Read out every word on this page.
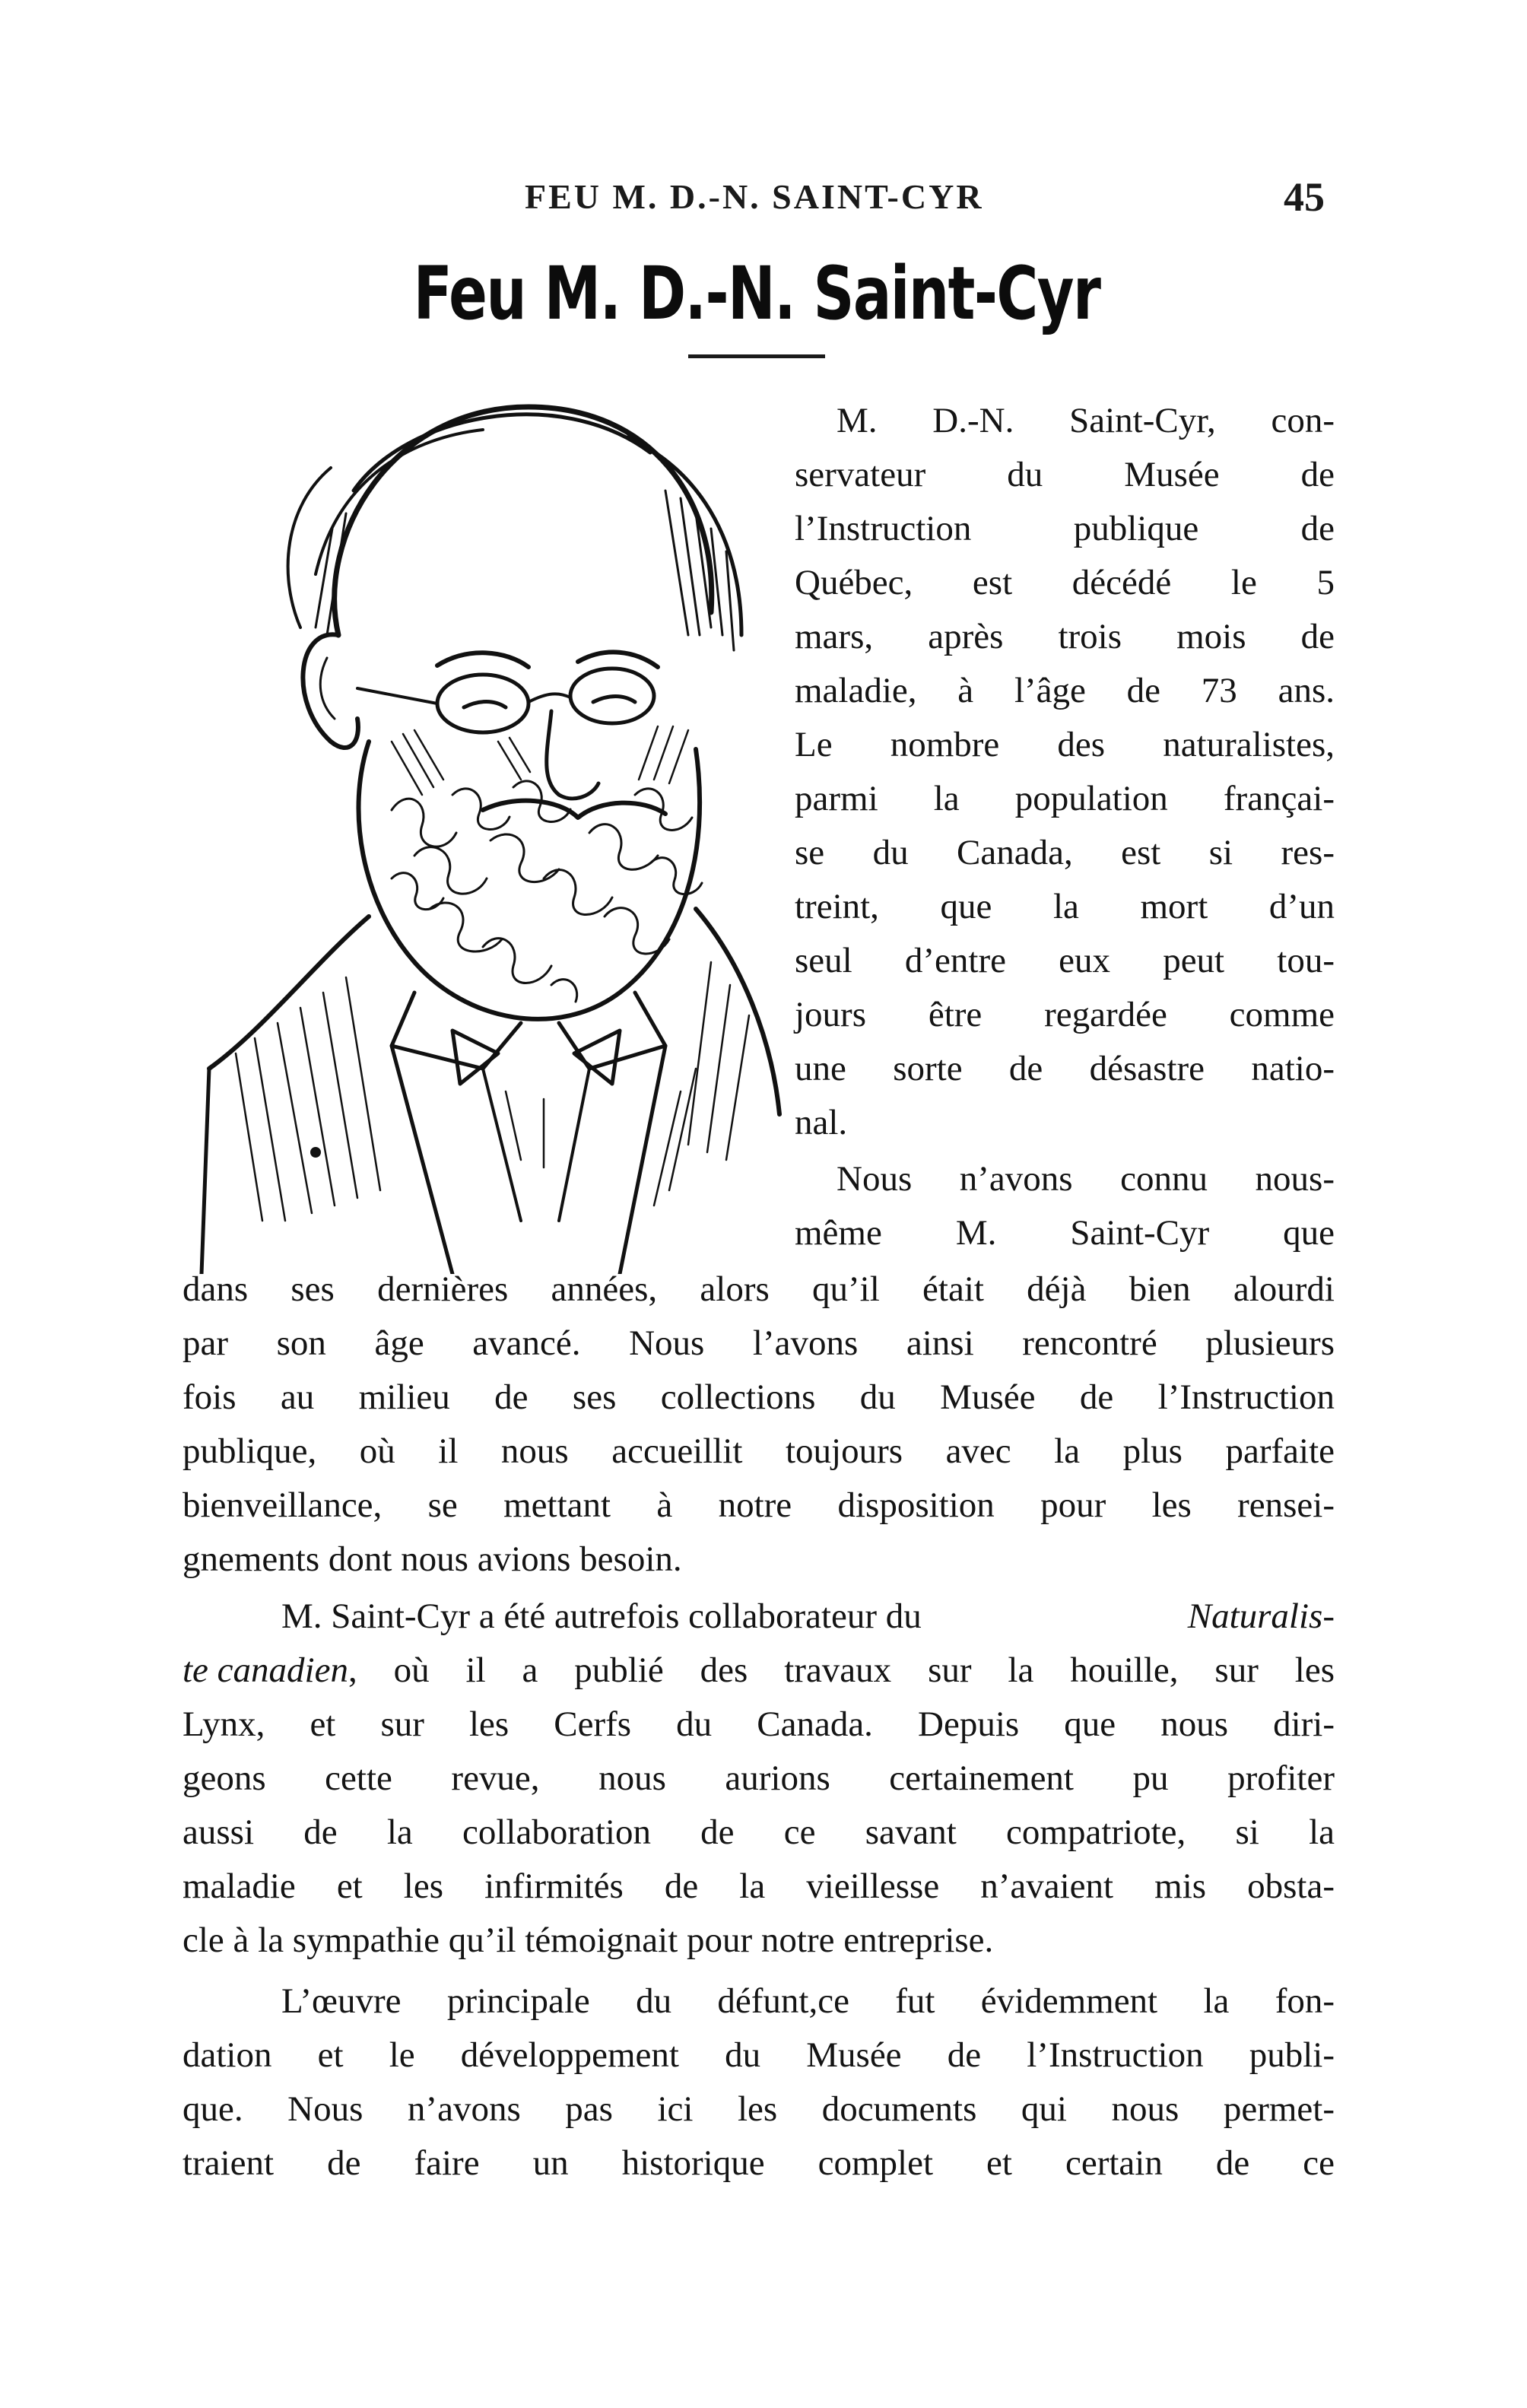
FEU M. D.-N. SAINT-CYR	45
Feu M. D.-N. Saint-Cyr
M. D.-N. Saint-Cyr, con-
servateur du Musée de
l’Instruction publique de
Québec, est décédé le 5
mars, après trois mois de
maladie, à l’âge de 73 ans.
Le nombre des naturalistes,
parmi la population françai-
se du Canada, est si res-
treint, que la mort d’un
seul d’entre eux peut tou-
jours être regardée comme
une sorte de désastre natio-
nal.
Nous n’avons connu nous-
même M. Saint-Cyr que
dans ses dernières années, alors qu’il était déjà bien alourdi
par son âge avancé. Nous l’avons ainsi rencontré plusieurs
fois au milieu de ses collections du Musée de l’Instruction
publique, où il nous accueillit toujours avec la plus parfaite
bienveillance, se mettant à notre disposition pour les rensei-
gnements dont nous avions besoin.
M. Saint-Cyr a été autrefois collaborateur du	Naturalis-
te canadien , où il a publié des travaux sur la houille, sur les
Lynx, et sur les Cerfs du Canada. Depuis que nous diri-
geons cette revue, nous aurions certainement pu profiter
aussi de la collaboration de ce savant compatriote, si la
maladie et les infirmités de la vieillesse n’avaient mis obsta-
cle à la sympathie qu’il témoignait pour notre entreprise.
L’œuvre principale du défunt,ce fut évidemment la fon-
dation et le développement du Musée de l’Instruction publi-
que. Nous n’avons pas ici les documents qui nous permet-
traient de faire un historique complet et certain de ce
